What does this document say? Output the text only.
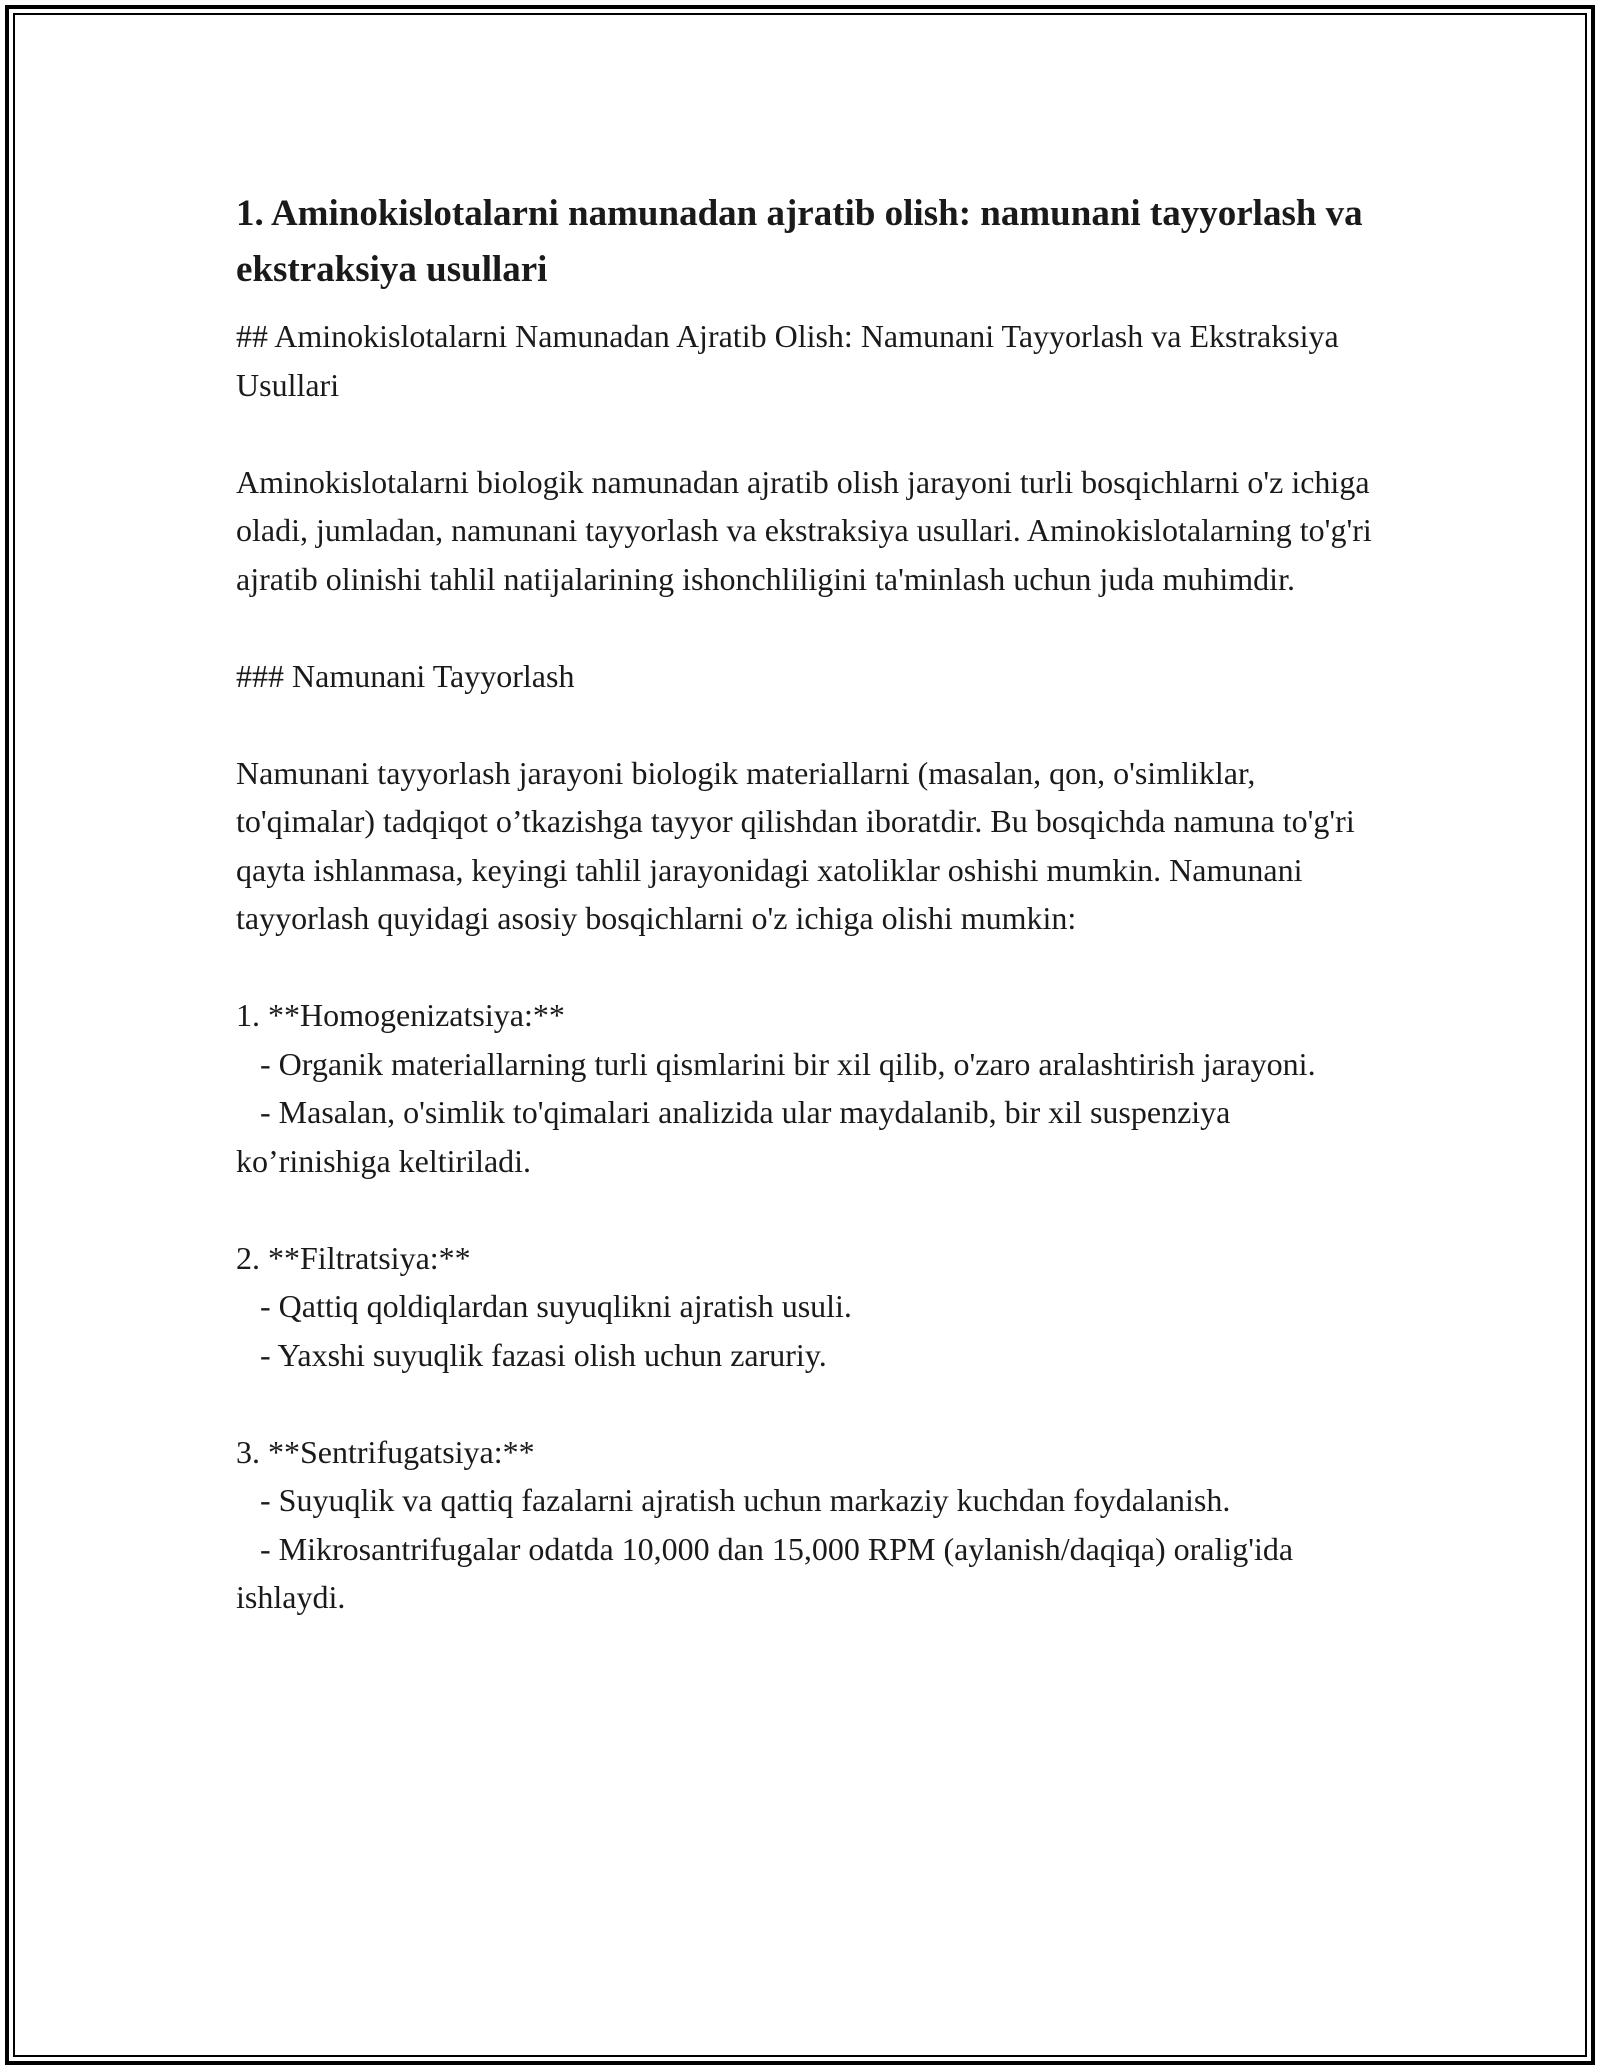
1. Aminokislotalarni namunadan ajratib olish: namunani tayyorlash va ekstraksiya usullari

## Aminokislotalarni Namunadan Ajratib Olish: Namunani Tayyorlash va Ekstraksiya Usullari

Aminokislotalarni biologik namunadan ajratib olish jarayoni turli bosqichlarni o'z ichiga oladi, jumladan, namunani tayyorlash va ekstraksiya usullari. Aminokislotalarning to'g'ri ajratib olinishi tahlil natijalarining ishonchliligini ta'minlash uchun juda muhimdir.

### Namunani Tayyorlash

Namunani tayyorlash jarayoni biologik materiallarni (masalan, qon, o'simliklar, to'qimalar) tadqiqot o’tkazishga tayyor qilishdan iboratdir. Bu bosqichda namuna to'g'ri qayta ishlanmasa, keyingi tahlil jarayonidagi xatoliklar oshishi mumkin. Namunani tayyorlash quyidagi asosiy bosqichlarni o'z ichiga olishi mumkin:

1. **Homogenizatsiya:**

- Organik materiallarning turli qismlarini bir xil qilib, o'zaro aralashtirish jarayoni.

- Masalan, o'simlik to'qimalari analizida ular maydalanib, bir xil suspenziya ko’rinishiga keltiriladi.

2. **Filtratsiya:**

- Qattiq qoldiqlardan suyuqlikni ajratish usuli.

- Yaxshi suyuqlik fazasi olish uchun zaruriy.

3. **Sentrifugatsiya:**

- Suyuqlik va qattiq fazalarni ajratish uchun markaziy kuchdan foydalanish.

- Mikrosantrifugalar odatda 10,000 dan 15,000 RPM (aylanish/daqiqa) oralig'ida ishlaydi.
